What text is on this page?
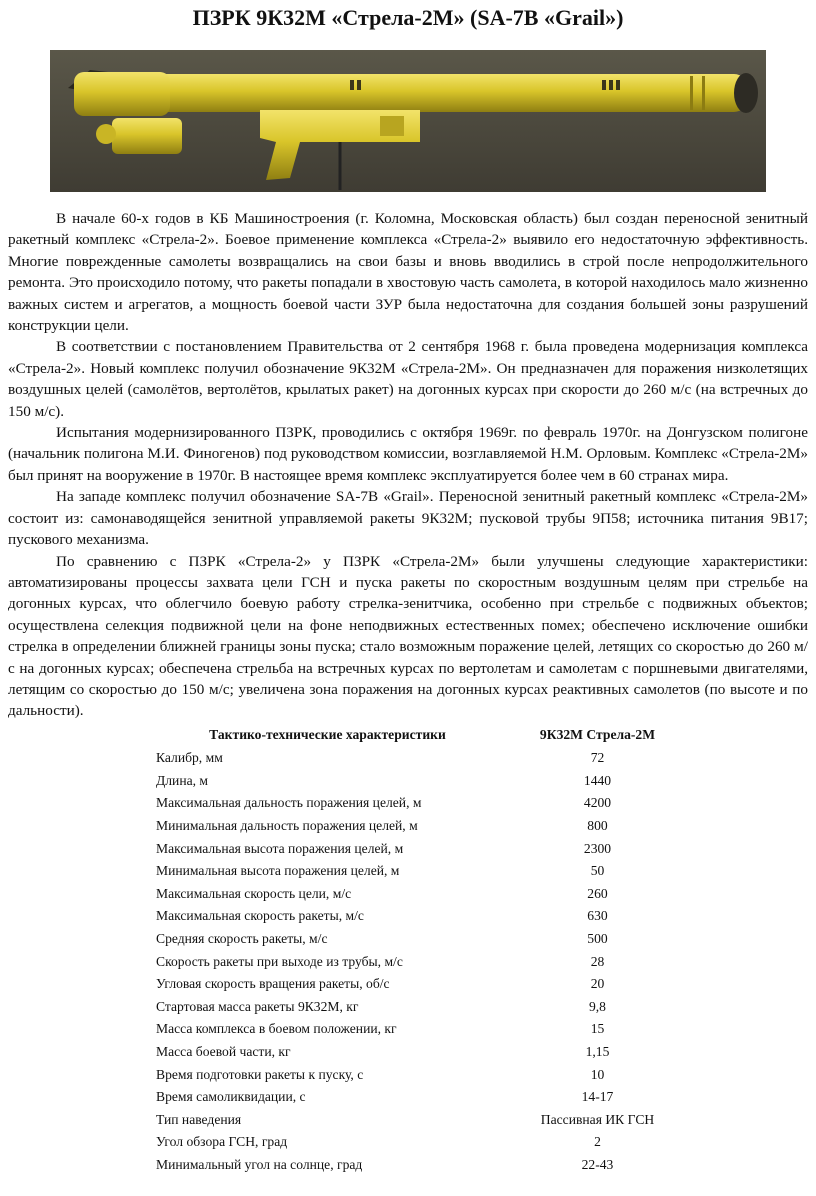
ПЗРК 9К32М «Стрела-2М» (SA-7B «Grail»)

В начале 60-х годов в КБ Машиностроения (г. Коломна, Московская область) был создан переносной зенитный ракетный комплекс «Стрела-2». Боевое применение комплекса «Стрела-2» выявило его недостаточную эффективность. Многие поврежденные самолеты возвращались на свои базы и вновь вводились в строй после непродолжительного ремонта. Это происходило потому, что ракеты попадали в хвостовую часть самолета, в которой находилось мало жизненно важных систем и агрегатов, а мощность боевой части ЗУР была недостаточна для создания большей зоны разрушений конструкции цели.

В соответствии с постановлением Правительства от 2 сентября 1968 г. была проведена модернизация комплекса «Стрела-2». Новый комплекс получил обозначение 9К32М «Стрела-2М». Он предназначен для поражения низколетящих воздушных целей (самолётов, вертолётов, крылатых ракет) на догонных курсах при скорости до 260 м/с (на встречных до 150 м/с).

Испытания модернизированного ПЗРК, проводились с октября 1969г. по февраль 1970г. на Донгузском полигоне (начальник полигона М.И. Финогенов) под руководством комиссии, возглавляемой Н.М. Орловым. Комплекс «Стрела-2М» был принят на вооружение в 1970г. В настоящее время комплекс эксплуатируется более чем в 60 странах мира.

На западе комплекс получил обозначение SA-7B «Grail». Переносной зенитный ракетный комплекс «Стрела-2М» состоит из: самонаводящейся зенитной управляемой ракеты 9К32М; пусковой трубы 9П58; источника питания 9В17; пускового механизма.

По сравнению с ПЗРК «Стрела-2» у ПЗРК «Стрела-2М» были улучшены следующие характеристики: автоматизированы процессы захвата цели ГСН и пуска ракеты по скоростным воздушным целям при стрельбе на догонных курсах, что облегчило боевую работу стрелка-зенитчика, особенно при стрельбе с подвижных объектов; осуществлена селекция подвижной цели на фоне неподвижных естественных помех; обеспечено исключение ошибки стрелка в определении ближней границы зоны пуска; стало возможным поражение целей, летящих со скоростью до 260 м/с на догонных курсах; обеспечена стрельба на встречных курсах по вертолетам и самолетам с поршневыми двигателями, летящим со скоростью до 150 м/с; увеличена зона поражения на догонных курсах реактивных самолетов (по высоте и по дальности).

Тактико-технические характеристики	9К32М Стрела-2М
Калибр, мм	72
Длина, м	1440
Максимальная дальность поражения целей, м	4200
Минимальная дальность поражения целей, м	800
Максимальная высота поражения целей, м	2300
Минимальная высота поражения целей, м	50
Максимальная скорость цели, м/с	260
Максимальная скорость ракеты, м/с	630
Средняя скорость ракеты, м/с	500
Скорость ракеты при выходе из трубы, м/с	28
Угловая скорость вращения ракеты, об/с	20
Стартовая масса ракеты 9К32М, кг	9,8
Масса комплекса в боевом положении, кг	15
Масса боевой части, кг	1,15
Время подготовки ракеты к пуску, с	10
Время самоликвидации, с	14-17
Тип наведения	Пассивная ИК ГСН
Угол обзора ГСН, град	2
Минимальный угол на солнце, град	22-43
